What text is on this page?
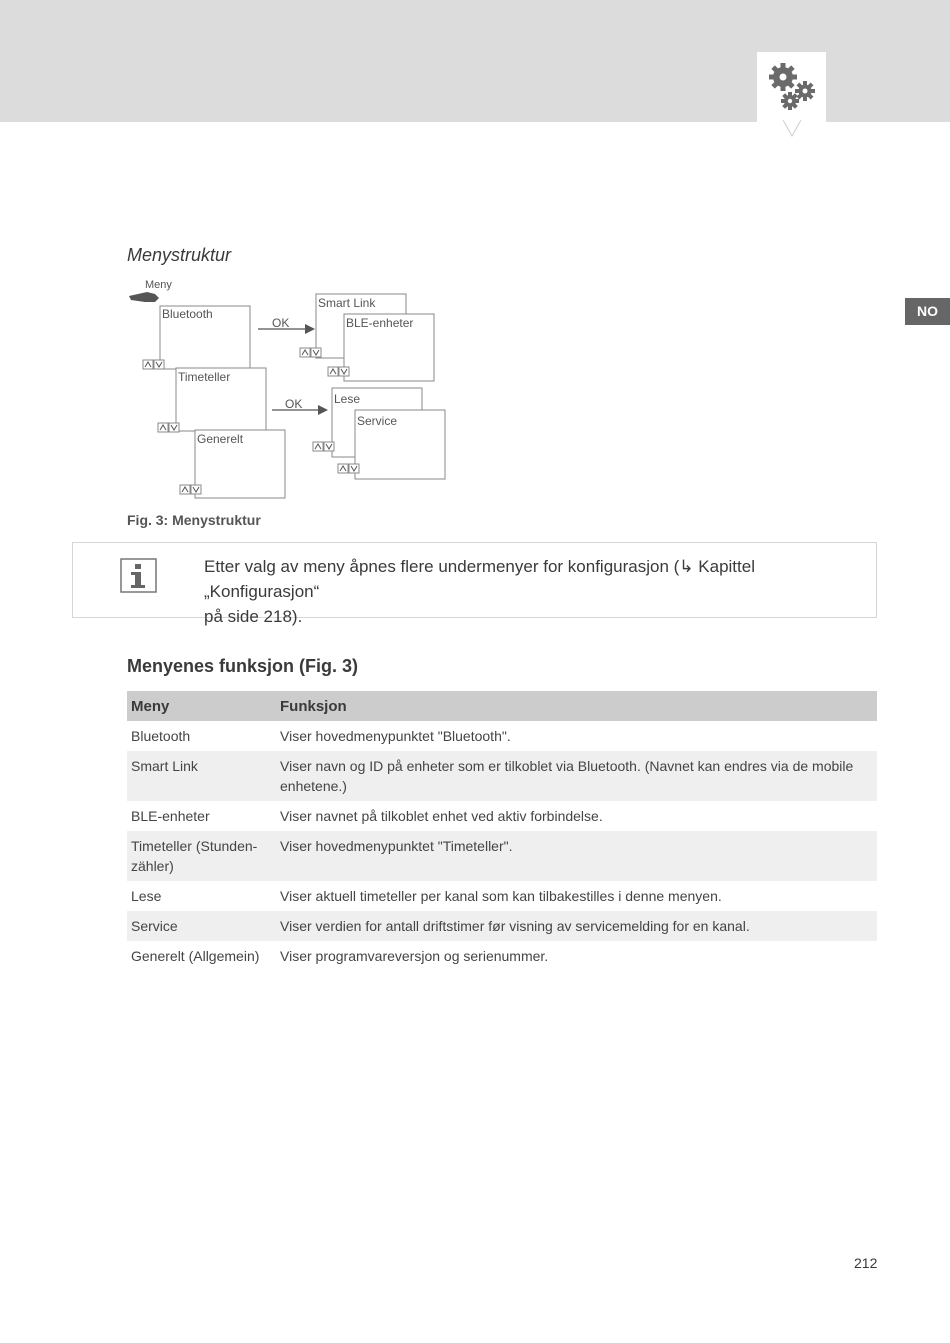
NO
Menystruktur
Meny
Bluetooth
Timeteller
Generelt
OK
OK
Smart Link
BLE-enheter
Lese
Service
Fig. 3: Menystruktur
Etter valg av meny åpnes flere undermenyer for konfigurasjon (↳ Kapittel „Konfigurasjon“
på side 218).
Menyenes funksjon (Fig. 3)
Meny	Funksjon
Bluetooth	Viser hovedmenypunktet "Bluetooth".
Smart Link	Viser navn og ID på enheter som er tilkoblet via Bluetooth. (Navnet kan endres via de mobile enhetene.)
BLE-enheter	Viser navnet på tilkoblet enhet ved aktiv forbindelse.
Timeteller (Stundenzähler)	Viser hovedmenypunktet "Timeteller".
Lese	Viser aktuell timeteller per kanal som kan tilbakestilles i denne menyen.
Service	Viser verdien for antall driftstimer før visning av servicemelding for en kanal.
Generelt (Allgemein)	Viser programvareversjon og serienummer.
212
